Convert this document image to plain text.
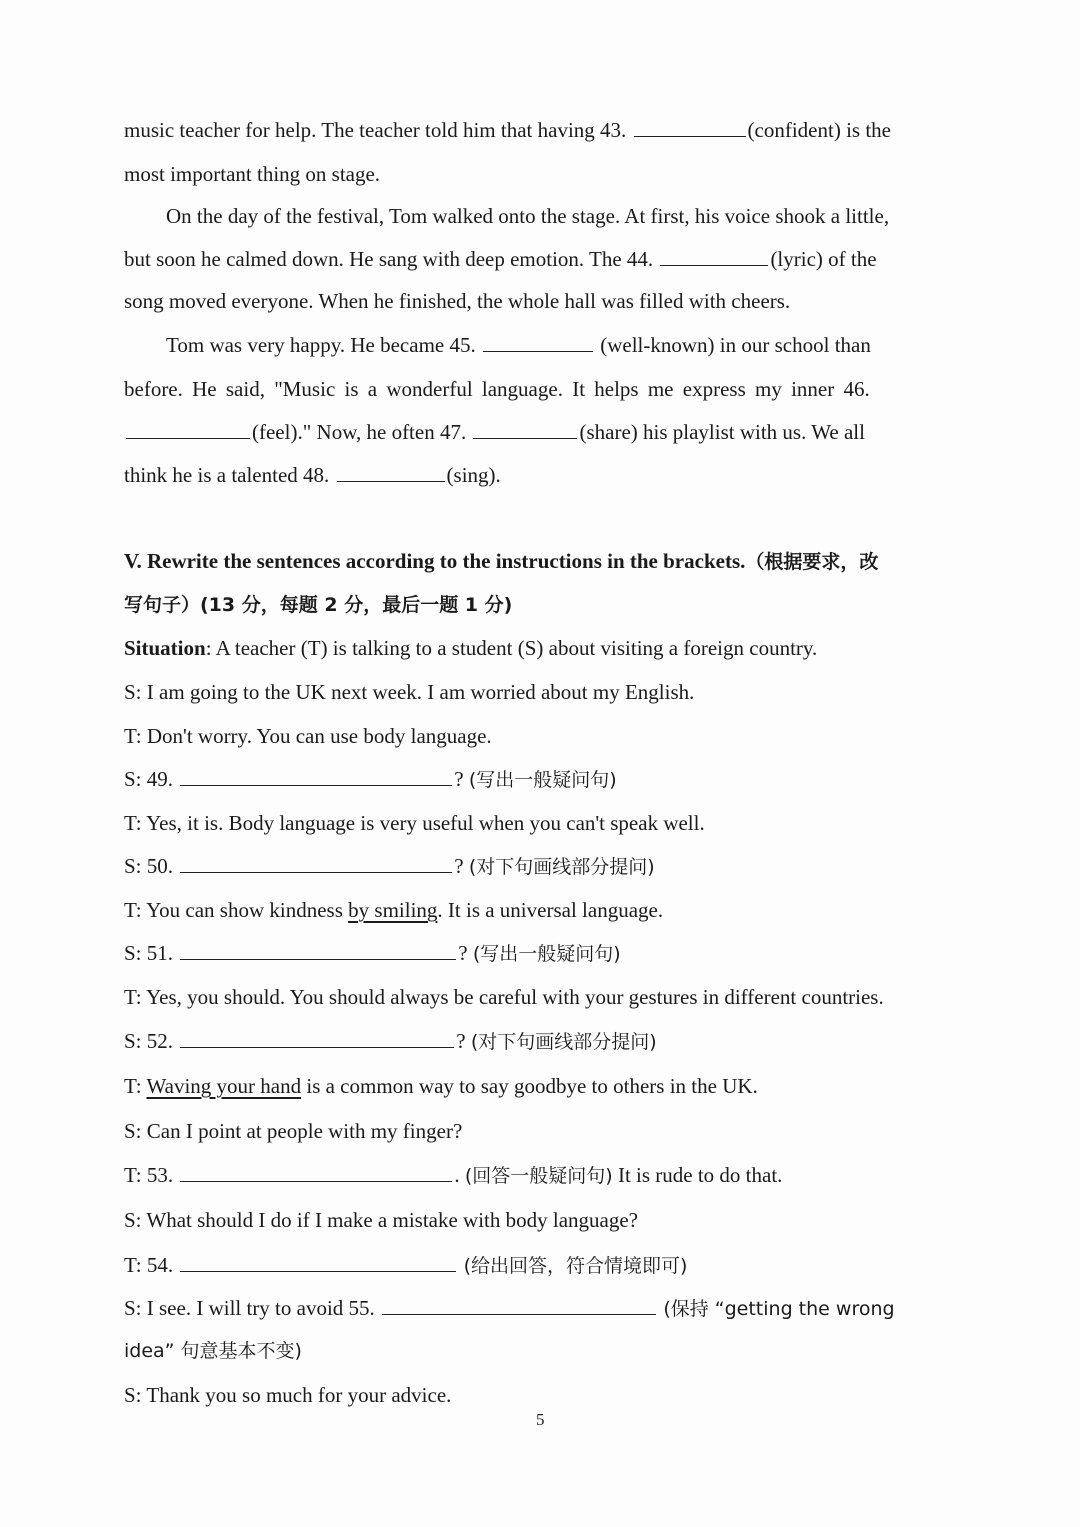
music teacher for help. The teacher told him that having 43.	(confident) is the
most important thing on stage.
On the day of the festival, Tom walked onto the stage. At first, his voice shook a little,
but soon he calmed down. He sang with deep emotion. The 44.	(lyric) of the
song moved everyone. When he finished, the whole hall was filled with cheers.
Tom was very happy. He became 45.	(well-known) in our school than
before. He said, "Music is a wonderful language. It helps me express my inner 46.
(feel)." Now, he often 47.	(share) his playlist with us. We all
think he is a talented 48.	(sing).
V. Rewrite the sentences according to the instructions in the brackets.（根据要求，改
写句子）(13 分，每题 2 分，最后一题 1 分)
Situation: A teacher (T) is talking to a student (S) about visiting a foreign country.
S: I am going to the UK next week. I am worried about my English.
T: Don't worry. You can use body language.
S: 49.	? (写出一般疑问句)
T: Yes, it is. Body language is very useful when you can't speak well.
S: 50.	? (对下句画线部分提问)
T: You can show kindness by smiling. It is a universal language.
S: 51.	? (写出一般疑问句)
T: Yes, you should. You should always be careful with your gestures in different countries.
S: 52.	? (对下句画线部分提问)
T: Waving your hand is a common way to say goodbye to others in the UK.
S: Can I point at people with my finger?
T: 53.	. (回答一般疑问句) It is rude to do that.
S: What should I do if I make a mistake with body language?
T: 54.	(给出回答，符合情境即可)
S: I see. I will try to avoid 55.	(保持 “getting the wrong
idea” 句意基本不变)
S: Thank you so much for your advice.
5
